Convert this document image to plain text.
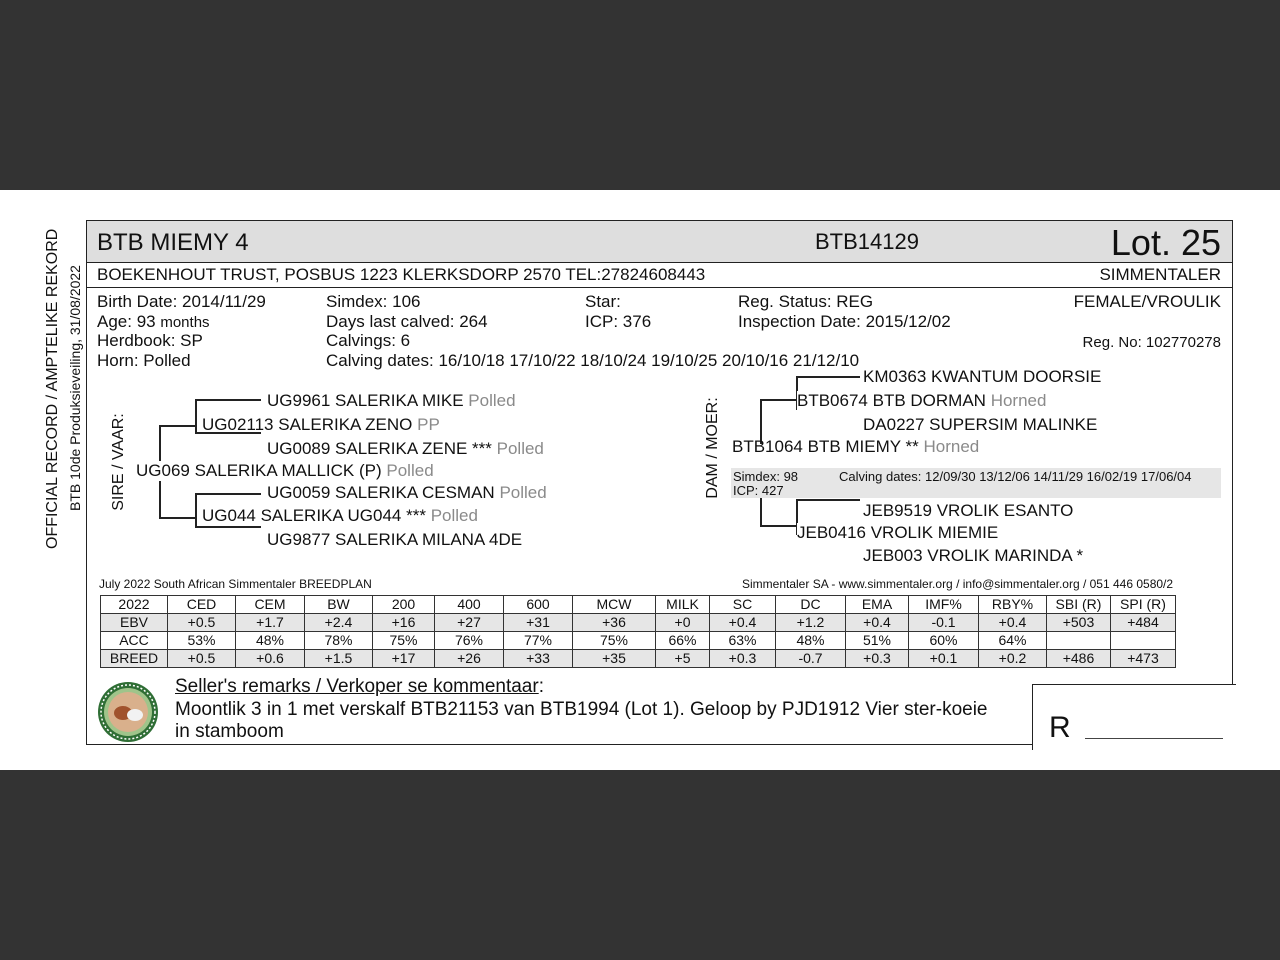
OFFICIAL RECORD / AMPTELIKE REKORD BTB 10de Produksieveiling, 31/08/2022
BTB MIEMY 4	BTB14129	Lot. 25
BOEKENHOUT TRUST, POSBUS 1223 KLERKSDORP 2570 TEL:27824608443	SIMMENTALER
Birth Date: 2014/11/29
Age: 93 months
Herdbook: SP
Horn: Polled
Simdex: 106
Days last calved: 264
Calvings: 6
Calving dates: 16/10/18 17/10/22 18/10/24 19/10/25 20/10/16 21/12/10
Star:
ICP: 376
Reg. Status: REG
Inspection Date: 2015/12/02
FEMALE/VROULIK
Reg. No: 102770278
SIRE / VAAR:
UG9961 SALERIKA MIKE Polled
UG02113 SALERIKA ZENO PP
UG0089 SALERIKA ZENE *** Polled
UG069 SALERIKA MALLICK (P) Polled
UG0059 SALERIKA CESMAN Polled
UG044 SALERIKA UG044 *** Polled
UG9877 SALERIKA MILANA 4DE
DAM / MOER:
KM0363 KWANTUM DOORSIE
BTB0674 BTB DORMAN Horned
DA0227 SUPERSIM MALINKE
BTB1064 BTB MIEMY ** Horned
Simdex: 98
ICP: 427
Calving dates: 12/09/30 13/12/06 14/11/29 16/02/19 17/06/04
JEB9519 VROLIK ESANTO
JEB0416 VROLIK MIEMIE
JEB003 VROLIK MARINDA *
July 2022 South African Simmentaler BREEDPLAN	Simmentaler SA - www.simmentaler.org / info@simmentaler.org / 051 446 0580/2
2022	CED	CEM	BW	200	400	600	MCW	MILK	SC	DC	EMA	IMF%	RBY%	SBI (R)	SPI (R)
EBV	+0.5	+1.7	+2.4	+16	+27	+31	+36	+0	+0.4	+1.2	+0.4	-0.1	+0.4	+503	+484
ACC	53%	48%	78%	75%	76%	77%	75%	66%	63%	48%	51%	60%	64%		
BREED	+0.5	+0.6	+1.5	+17	+26	+33	+35	+5	+0.3	-0.7	+0.3	+0.1	+0.2	+486	+473
Seller's remarks / Verkoper se kommentaar:
Moontlik 3 in 1 met verskalf BTB21153 van BTB1994 (Lot 1). Geloop by PJD1912 Vier ster-koeie
in stamboom	R
